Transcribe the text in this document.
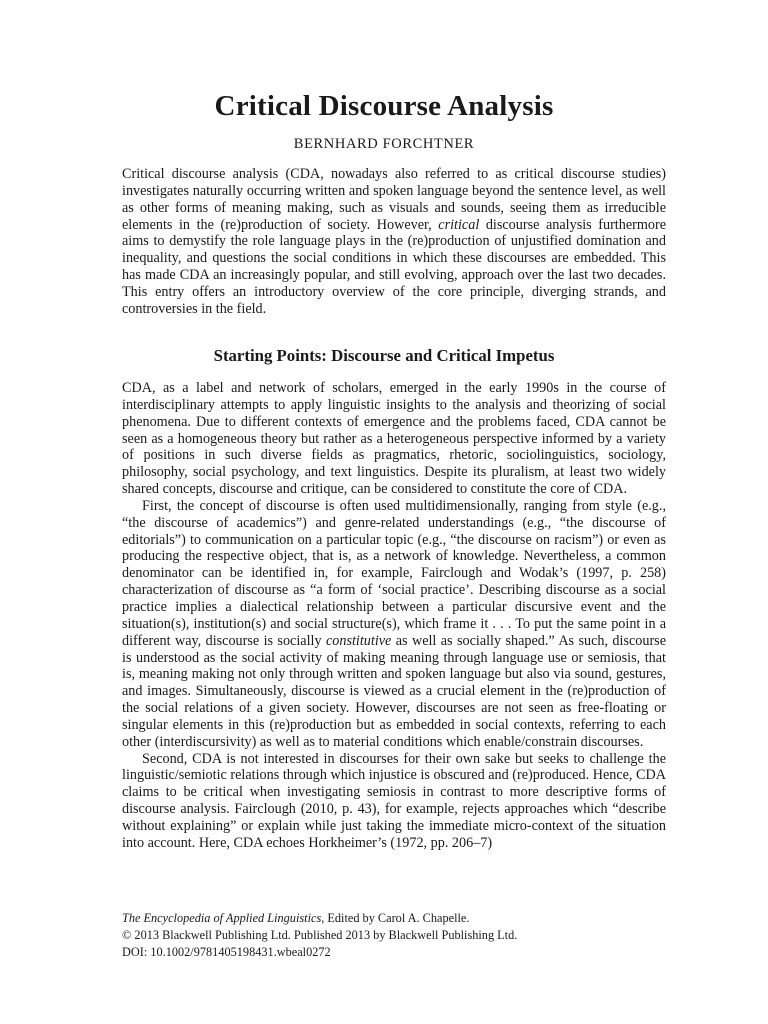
Critical Discourse Analysis
BERNHARD FORCHTNER

Critical discourse analysis (CDA, nowadays also referred to as critical discourse studies) investigates naturally occurring written and spoken language beyond the sentence level, as well as other forms of meaning making, such as visuals and sounds, seeing them as irreducible elements in the (re)production of society. However, critical discourse analysis furthermore aims to demystify the role language plays in the (re)production of unjustified domination and inequality, and questions the social conditions in which these discourses are embedded. This has made CDA an increasingly popular, and still evolving, approach over the last two decades. This entry offers an introductory overview of the core principle, diverging strands, and controversies in the field.

Starting Points: Discourse and Critical Impetus

CDA, as a label and network of scholars, emerged in the early 1990s in the course of interdisciplinary attempts to apply linguistic insights to the analysis and theorizing of social phenomena. Due to different contexts of emergence and the problems faced, CDA cannot be seen as a homogeneous theory but rather as a heterogeneous perspective informed by a variety of positions in such diverse fields as pragmatics, rhetoric, sociolinguistics, sociology, philosophy, social psychology, and text linguistics. Despite its pluralism, at least two widely shared concepts, discourse and critique, can be considered to constitute the core of CDA.

First, the concept of discourse is often used multidimensionally, ranging from style (e.g., “the discourse of academics”) and genre-related understandings (e.g., “the discourse of editorials”) to communication on a particular topic (e.g., “the discourse on racism”) or even as producing the respective object, that is, as a network of knowledge. Nevertheless, a common denominator can be identified in, for example, Fairclough and Wodak’s (1997, p. 258) characterization of discourse as “a form of ‘social practice’. Describing discourse as a social practice implies a dialectical relationship between a particular discursive event and the situation(s), institution(s) and social structure(s), which frame it . . . To put the same point in a different way, discourse is socially constitutive as well as socially shaped.” As such, discourse is understood as the social activity of making meaning through language use or semiosis, that is, meaning making not only through written and spoken language but also via sound, gestures, and images. Simultaneously, discourse is viewed as a crucial element in the (re)production of the social relations of a given society. However, discourses are not seen as free-floating or singular elements in this (re)production but as embedded in social contexts, referring to each other (interdiscursivity) as well as to material conditions which enable/constrain discourses.

Second, CDA is not interested in discourses for their own sake but seeks to challenge the linguistic/semiotic relations through which injustice is obscured and (re)produced. Hence, CDA claims to be critical when investigating semiosis in contrast to more descriptive forms of discourse analysis. Fairclough (2010, p. 43), for example, rejects approaches which “describe without explaining” or explain while just taking the immediate micro-context of the situation into account. Here, CDA echoes Horkheimer’s (1972, pp. 206–7)

The Encyclopedia of Applied Linguistics, Edited by Carol A. Chapelle.
© 2013 Blackwell Publishing Ltd. Published 2013 by Blackwell Publishing Ltd.
DOI: 10.1002/9781405198431.wbeal0272
